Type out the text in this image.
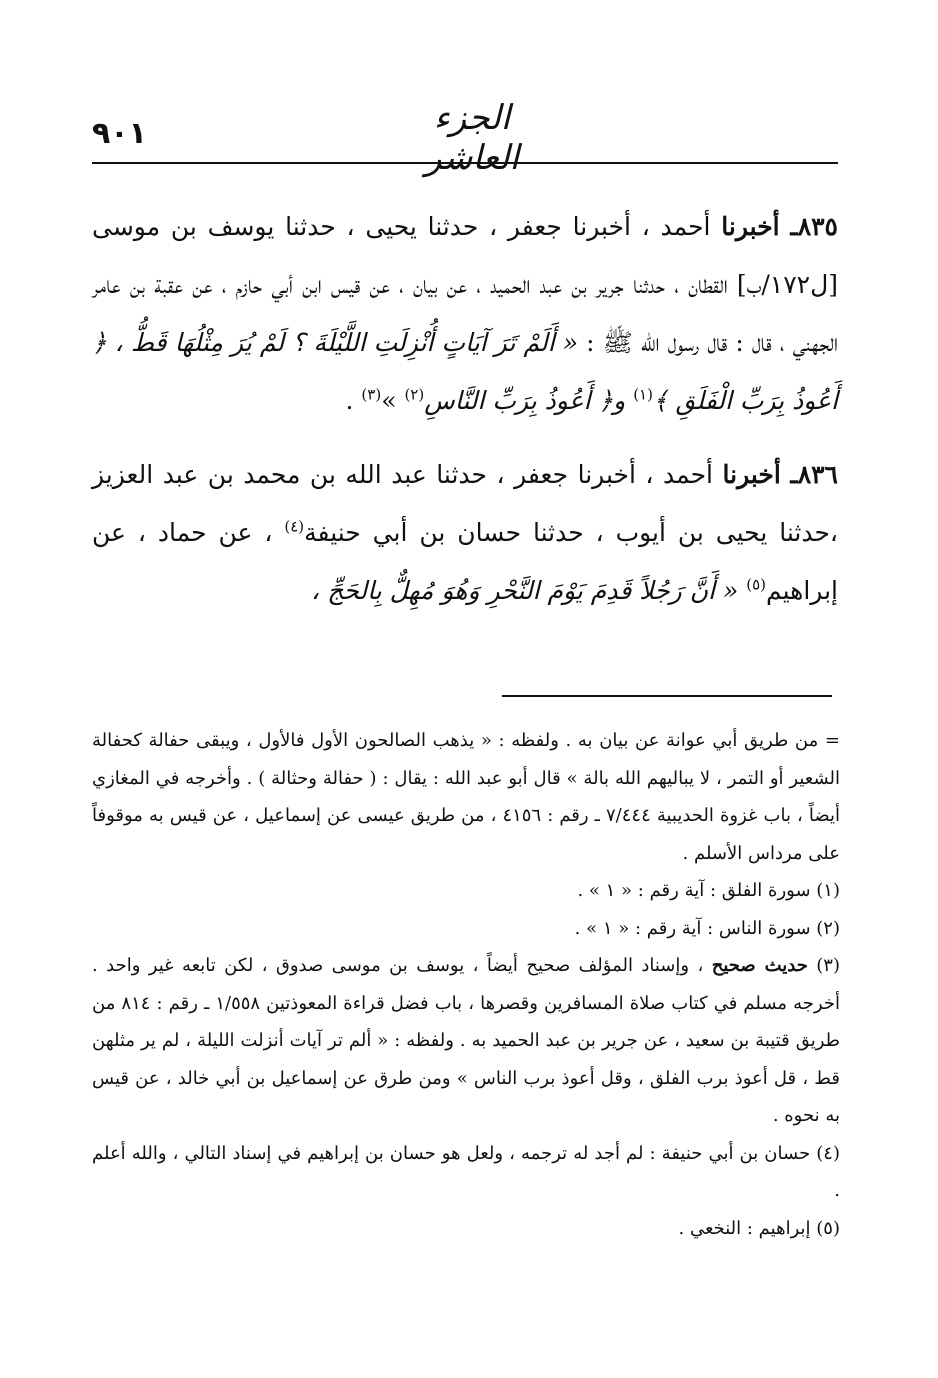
٩٠١	الجزء العاشر

٨٣٥ـ أخبرنا أحمد ، أخبرنا جعفر ، حدثنا يحيى ، حدثنا يوسف بن موسى [ل١٧٢/ب] القطان ، حدثنا جرير بن عبد الحميد ، عن بيان ، عن قيس ابن أبي حازم ، عن عقبة بن عامر الجهني ، قال : قال رسول الله ﷺ : « أَلَمْ تَرَ آيَاتٍ أُنْزِلَتِ اللَّيْلَةَ ؟ لَمْ يُرَ مِثْلُهَا قَطُّ ، ﴿ أَعُوذُ بِرَبِّ الْفَلَقِ ﴾$^{(١)}$ و﴿ أَعُوذُ بِرَبِّ النَّاسِ$^{(٢)}$ »$^{(٣)}$ .

٨٣٦ـ أخبرنا أحمد ، أخبرنا جعفر ، حدثنا عبد الله بن محمد بن عبد العزيز ،حدثنا يحيى بن أيوب ، حدثنا حسان بن أبي حنيفة$^{(٤)}$ ، عن حماد ، عن إبراهيم$^{(٥)}$ « أَنَّ رَجُلاً قَدِمَ يَوْمَ النَّحْرِ وَهُوَ مُهِلٌّ بِالحَجِّ ،

= من طريق أبي عوانة عن بيان به . ولفظه : « يذهب الصالحون الأول فالأول ، ويبقى حفالة كحفالة الشعير أو التمر ، لا يباليهم الله بالة » قال أبو عبد الله : يقال : ( حفالة وحثالة ) . وأخرجه في المغازي أيضاً ، باب غزوة الحديبية ٧/٤٤٤ ـ رقم : ٤١٥٦ ، من طريق عيسى عن إسماعيل ، عن قيس به موقوفاً على مرداس الأسلم .

(١) سورة الفلق : آية رقم : « ١ » .

(٢) سورة الناس : آية رقم : « ١ » .

(٣) حديث صحيح ، وإسناد المؤلف صحيح أيضاً ، يوسف بن موسى صدوق ، لكن تابعه غير واحد . أخرجه مسلم في كتاب صلاة المسافرين وقصرها ، باب فضل قراءة المعوذتين ١/٥٥٨ ـ رقم : ٨١٤ من طريق قتيبة بن سعيد ، عن جرير بن عبد الحميد به . ولفظه : « ألم تر آيات أنزلت الليلة ، لم ير مثلهن قط ، قل أعوذ برب الفلق ، وقل أعوذ برب الناس » ومن طرق عن إسماعيل بن أبي خالد ، عن قيس به نحوه .

(٤) حسان بن أبي حنيفة : لم أجد له ترجمه ، ولعل هو حسان بن إبراهيم في إسناد التالي ، والله أعلم .

(٥) إبراهيم : النخعي .
